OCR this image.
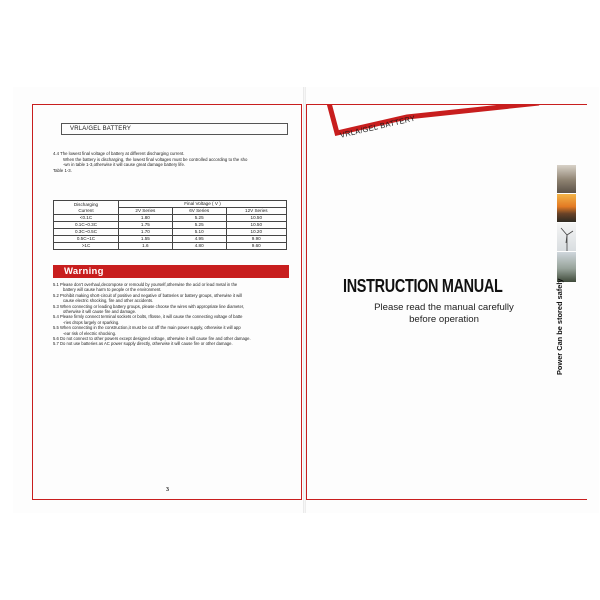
VRLA/GEL BATTERY
4.4 The lowest final voltage of battery at different discharging current.
When the battery is discharging, the lowest final voltages must be controlled according to the sho
-wn in table 1-3,otherwise it will cause great damage battery life.
Table 1-3.
Discharging
Current	Final Voltage ( V )		
	2V Series	6V Series	12V Series
<0.1C	1.80	5.25	10.50
0.1C~0.3C	1.75	5.25	10.50
0.3C~0.5C	1.70	5.10	10.20
0.5C~1C	1.55	4.95	9.90
>1C	1.6	4.80	9.60
Warning
5.1 Please don't overhaul,decompose or remould by yourself,otherwise the acid or lead metal in the
battery will cause harm to people or the environment.
5.2 Prohibit making short-circuit of positive and negative of batteries or battery groups, otherwise it will
cause electric shocking, fire and other accidents.
5.3 When connecting or leading battery groups, please choose the wires with appropriate line diameter,
otherwise it will cause fire and damage.
5.4 Please firmly connect terminal sockets or bolts, Iflosse, it will cause the connecting voltage of batte
-ries drops largely or sparking.
5.5 When connecting in the construction,it must be cut off the main power supply, otherwise it will app
-ear risk of electric shocking.
5.6 Do not connect to other powers except designed voltage, otherwise it will cause fire and other damage.
5.7 Do not use batteries as AC power supply directly, otherwise it will cause fire or other damage.
3
VRLA/GEL BATTERY
INSTRUCTION MANUAL
Please read the manual carefully
before operation	Power Can be stored safely
